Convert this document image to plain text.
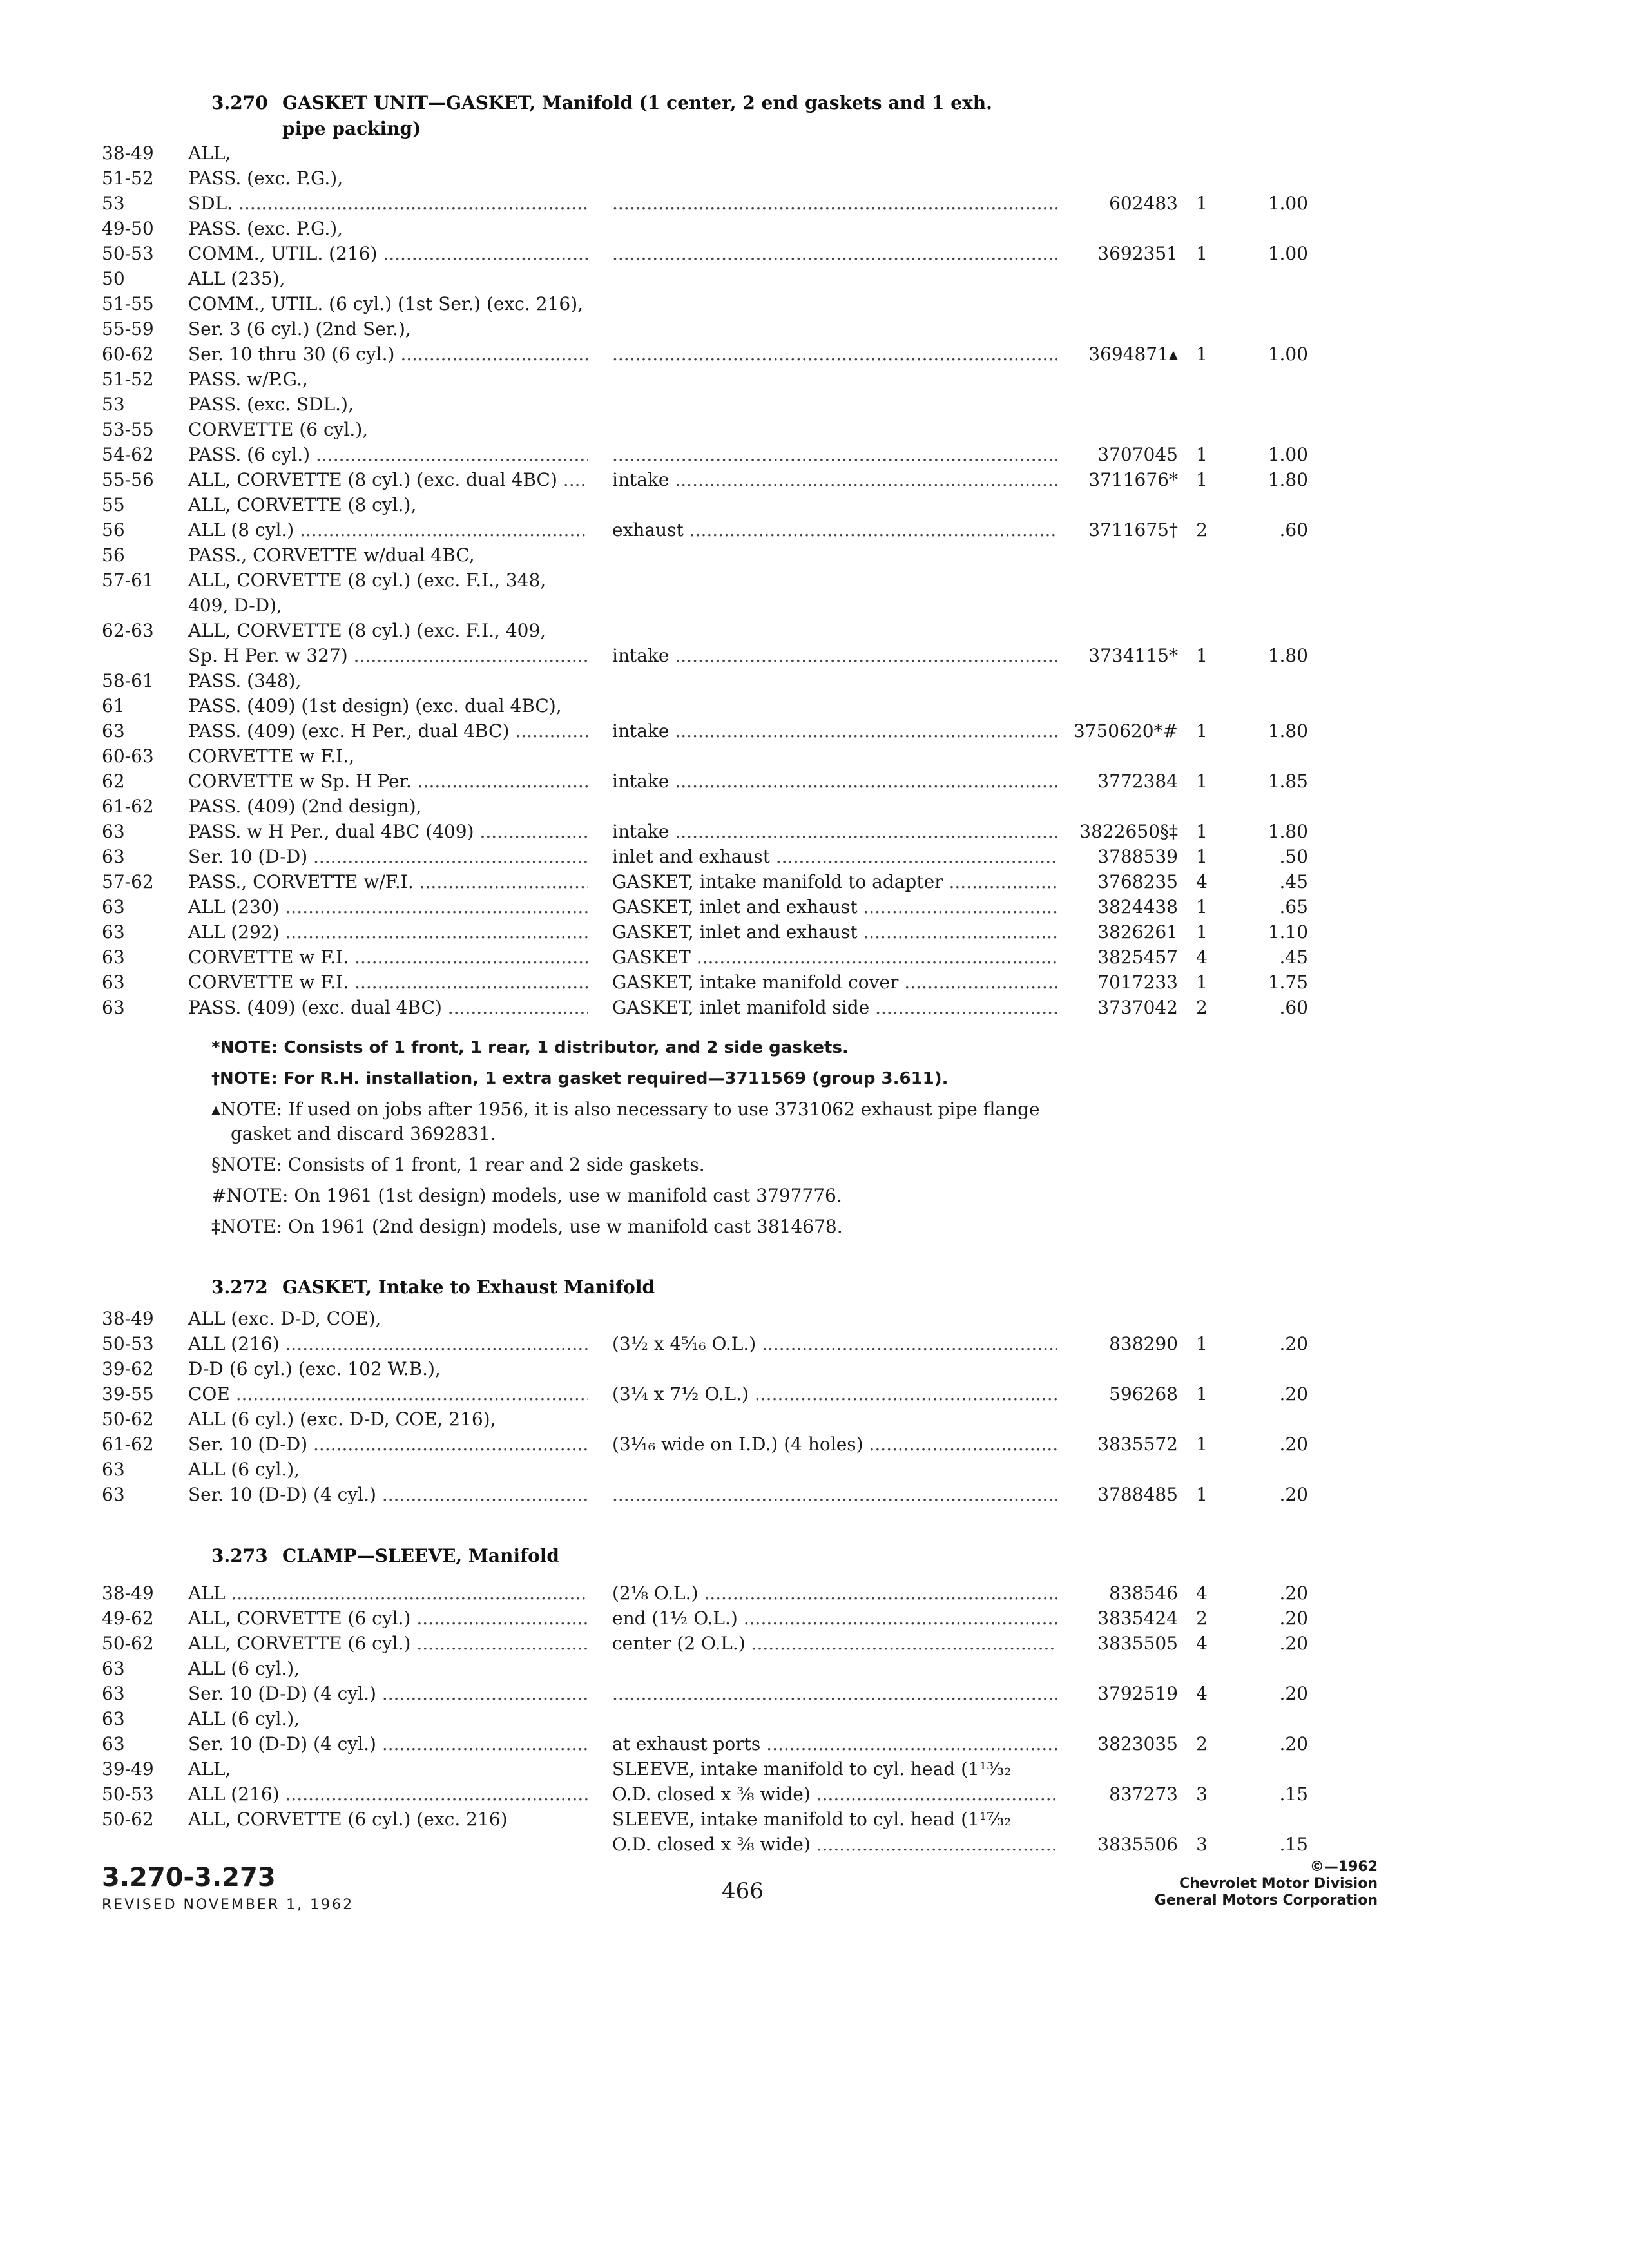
3.270 GASKET UNIT—GASKET, Manifold (1 center, 2 end gaskets and 1 exh.
pipe packing)
38-49	ALL,
51-52	PASS. (exc. P.G.),
53	SDL. ..... .....	602483	1	1.00
49-50	PASS. (exc. P.G.),
50-53	COMM., UTIL. (216) ..... .....	3692351	1	1.00
50	ALL (235),
51-55	COMM., UTIL. (6 cyl.) (1st Ser.) (exc. 216),
55-59	Ser. 3 (6 cyl.) (2nd Ser.),
60-62	Ser. 10 thru 30 (6 cyl.) ..... .....	3694871▴	1	1.00
51-52	PASS. w/P.G.,
53	PASS. (exc. SDL.),
53-55	CORVETTE (6 cyl.),
54-62	PASS. (6 cyl.) ..... .....	3707045	1	1.00
55-56	ALL, CORVETTE (8 cyl.) (exc. dual 4BC) .....	intake .....	3711676*	1	1.80
55	ALL, CORVETTE (8 cyl.),
56	ALL (8 cyl.) .....	exhaust .....	3711675†	2	.60
56	PASS., CORVETTE w/dual 4BC,
57-61	ALL, CORVETTE (8 cyl.) (exc. F.I., 348,
409, D-D),
62-63	ALL, CORVETTE (8 cyl.) (exc. F.I., 409,
Sp. H Per. w 327) .....	intake .....	3734115*	1	1.80
58-61	PASS. (348),
61	PASS. (409) (1st design) (exc. dual 4BC),
63	PASS. (409) (exc. H Per., dual 4BC) .....	intake .....	3750620*#	1	1.80
60-63	CORVETTE w F.I.,
62	CORVETTE w Sp. H Per. .....	intake .....	3772384	1	1.85
61-62	PASS. (409) (2nd design),
63	PASS. w H Per., dual 4BC (409) .....	intake .....	3822650§‡	1	1.80
63	Ser. 10 (D-D) .....	inlet and exhaust .....	3788539	1	.50
57-62	PASS., CORVETTE w/F.I. .....	GASKET, intake manifold to adapter .....	3768235	4	.45
63	ALL (230) .....	GASKET, inlet and exhaust .....	3824438	1	.65
63	ALL (292) .....	GASKET, inlet and exhaust .....	3826261	1	1.10
63	CORVETTE w F.I. .....	GASKET .....	3825457	4	.45
63	CORVETTE w F.I. .....	GASKET, intake manifold cover .....	7017233	1	1.75
63	PASS. (409) (exc. dual 4BC) .....	GASKET, inlet manifold side .....	3737042	2	.60
*NOTE: Consists of 1 front, 1 rear, 1 distributor, and 2 side gaskets.
†NOTE: For R.H. installation, 1 extra gasket required—3711569 (group 3.611).
▴NOTE: If used on jobs after 1956, it is also necessary to use 3731062 exhaust pipe flange
gasket and discard 3692831.
§NOTE: Consists of 1 front, 1 rear and 2 side gaskets.
#NOTE: On 1961 (1st design) models, use w manifold cast 3797776.
‡NOTE: On 1961 (2nd design) models, use w manifold cast 3814678.
3.272 GASKET, Intake to Exhaust Manifold
38-49	ALL (exc. D-D, COE),
50-53	ALL (216) .....	(3½ x 4⁵⁄₁₆ O.L.) .....	838290	1	.20
39-62	D-D (6 cyl.) (exc. 102 W.B.),
39-55	COE .....	(3¼ x 7½ O.L.) .....	596268	1	.20
50-62	ALL (6 cyl.) (exc. D-D, COE, 216),
61-62	Ser. 10 (D-D) .....	(3¹⁄₁₆ wide on I.D.) (4 holes) .....	3835572	1	.20
63	ALL (6 cyl.),
63	Ser. 10 (D-D) (4 cyl.) ..... .....	3788485	1	.20
3.273 CLAMP—SLEEVE, Manifold
38-49	ALL .....	(2⅛ O.L.) .....	838546	4	.20
49-62	ALL, CORVETTE (6 cyl.) .....	end (1½ O.L.) .....	3835424	2	.20
50-62	ALL, CORVETTE (6 cyl.) .....	center (2 O.L.) .....	3835505	4	.20
63	ALL (6 cyl.),
63	Ser. 10 (D-D) (4 cyl.) ..... .....	3792519	4	.20
63	ALL (6 cyl.),
63	Ser. 10 (D-D) (4 cyl.) .....	at exhaust ports .....	3823035	2	.20
39-49	ALL,	SLEEVE, intake manifold to cyl. head (1¹³⁄₃₂
50-53	ALL (216) .....	O.D. closed x ⅜ wide) .....	837273	3	.15
50-62	ALL, CORVETTE (6 cyl.) (exc. 216)	SLEEVE, intake manifold to cyl. head (1¹⁷⁄₃₂
O.D. closed x ⅜ wide) .....	3835506	3	.15
3.270-3.273
REVISED NOVEMBER 1, 1962
466
©—1962
Chevrolet Motor Division
General Motors Corporation
